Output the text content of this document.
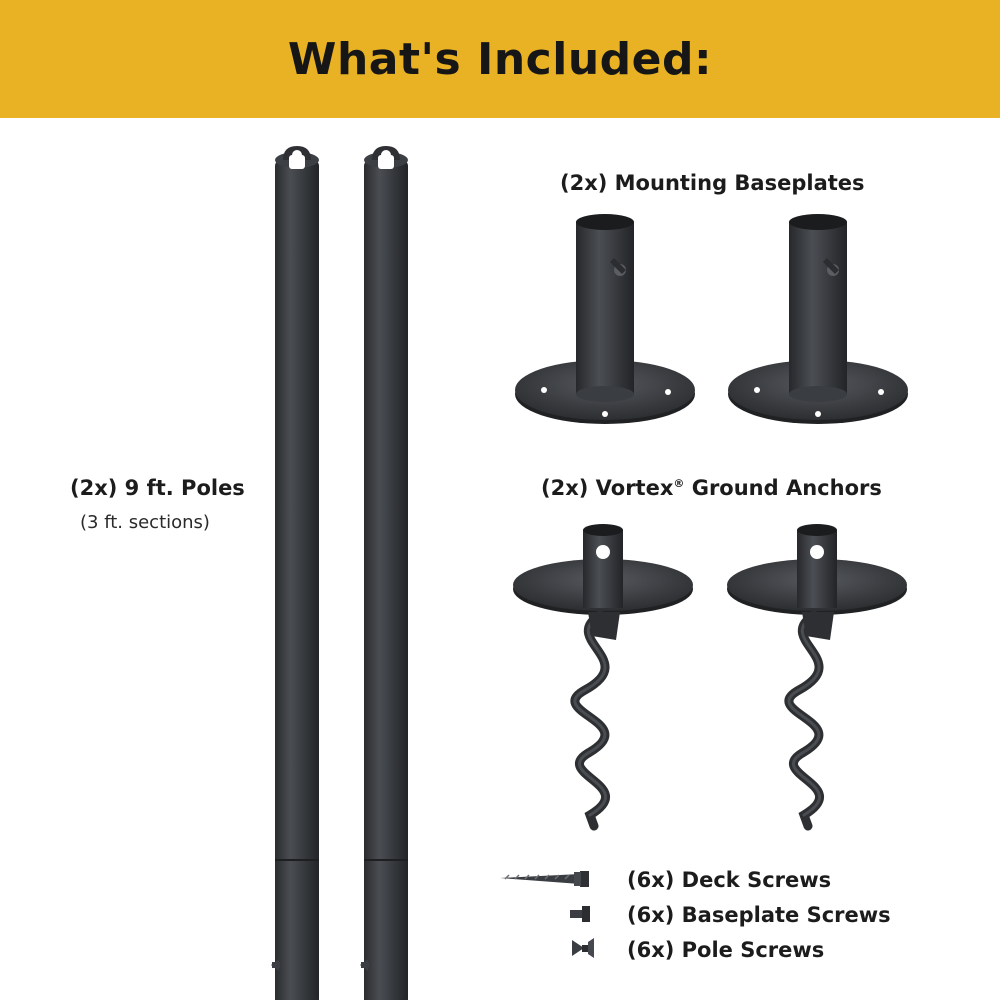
What's Included:
(2x) 9 ft. Poles
(3 ft. sections)
(2x) Mounting Baseplates
(2x) Vortex® Ground Anchors
(6x) Deck Screws
(6x) Baseplate Screws
(6x) Pole Screws
